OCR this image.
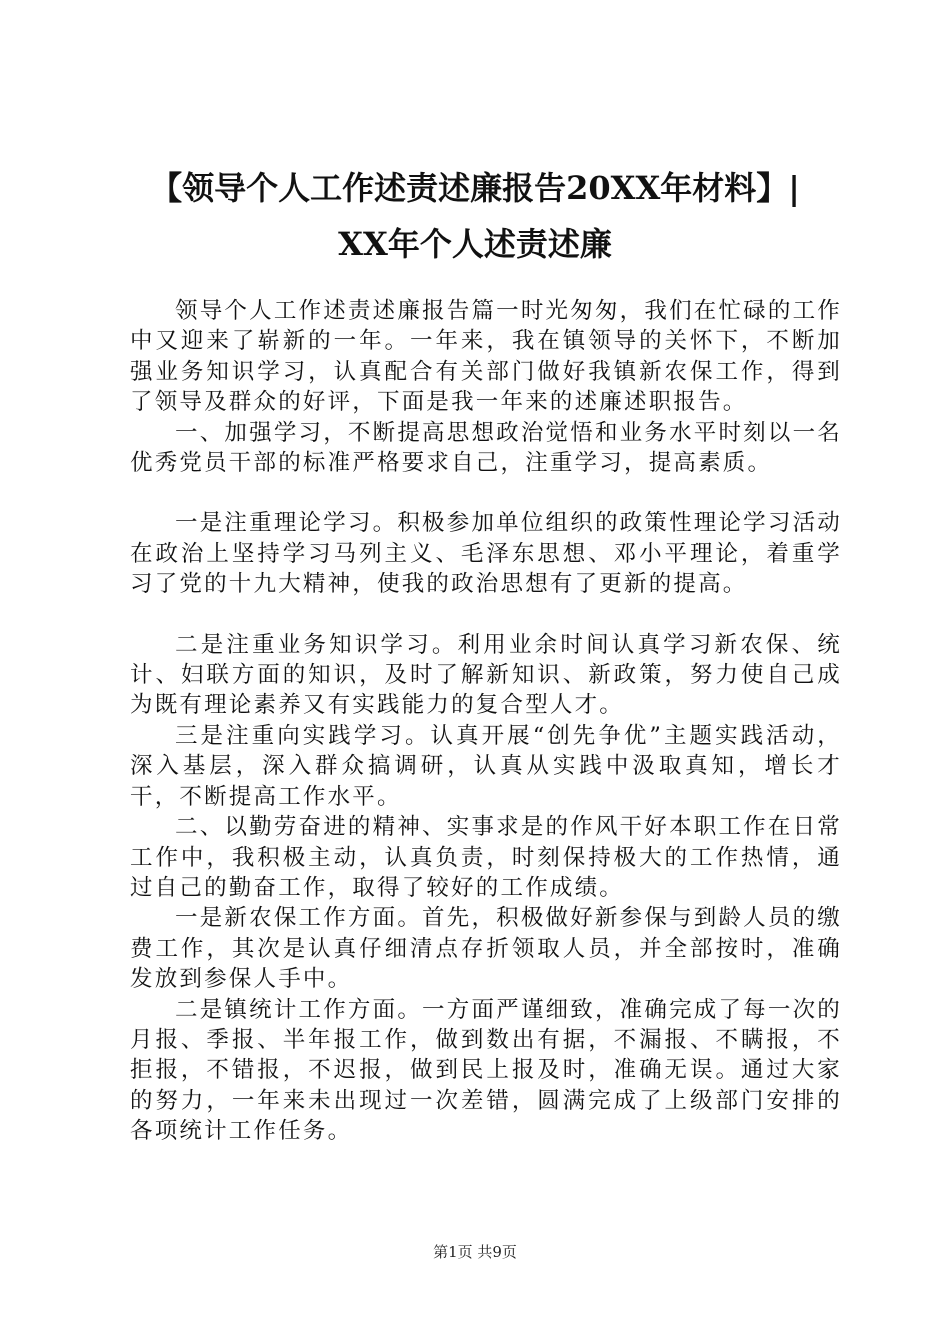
【领导个人工作述责述廉报告20XX年材料】|
XX年个人述责述廉

领导个人工作述责述廉报告篇一时光匆匆，我们在忙碌的工作中又迎来了崭新的一年。一年来，我在镇领导的关怀下，不断加强业务知识学习，认真配合有关部门做好我镇新农保工作，得到了领导及群众的好评，下面是我一年来的述廉述职报告。

一、加强学习，不断提高思想政治觉悟和业务水平时刻以一名优秀党员干部的标准严格要求自己，注重学习，提高素质。

一是注重理论学习。积极参加单位组织的政策性理论学习活动在政治上坚持学习马列主义、毛泽东思想、邓小平理论，着重学习了党的十九大精神，使我的政治思想有了更新的提高。

二是注重业务知识学习。利用业余时间认真学习新农保、统计、妇联方面的知识，及时了解新知识、新政策，努力使自己成为既有理论素养又有实践能力的复合型人才。

三是注重向实践学习。认真开展“创先争优”主题实践活动，深入基层，深入群众搞调研，认真从实践中汲取真知，增长才干，不断提高工作水平。

二、以勤劳奋进的精神、实事求是的作风干好本职工作在日常工作中，我积极主动，认真负责，时刻保持极大的工作热情，通过自己的勤奋工作，取得了较好的工作成绩。

一是新农保工作方面。首先，积极做好新参保与到龄人员的缴费工作，其次是认真仔细清点存折领取人员，并全部按时，准确发放到参保人手中。

二是镇统计工作方面。一方面严谨细致，准确完成了每一次的月报、季报、半年报工作，做到数出有据，不漏报、不瞒报，不拒报，不错报，不迟报，做到民上报及时，准确无误。通过大家的努力，一年来未出现过一次差错，圆满完成了上级部门安排的各项统计工作任务。

第1页 共9页
